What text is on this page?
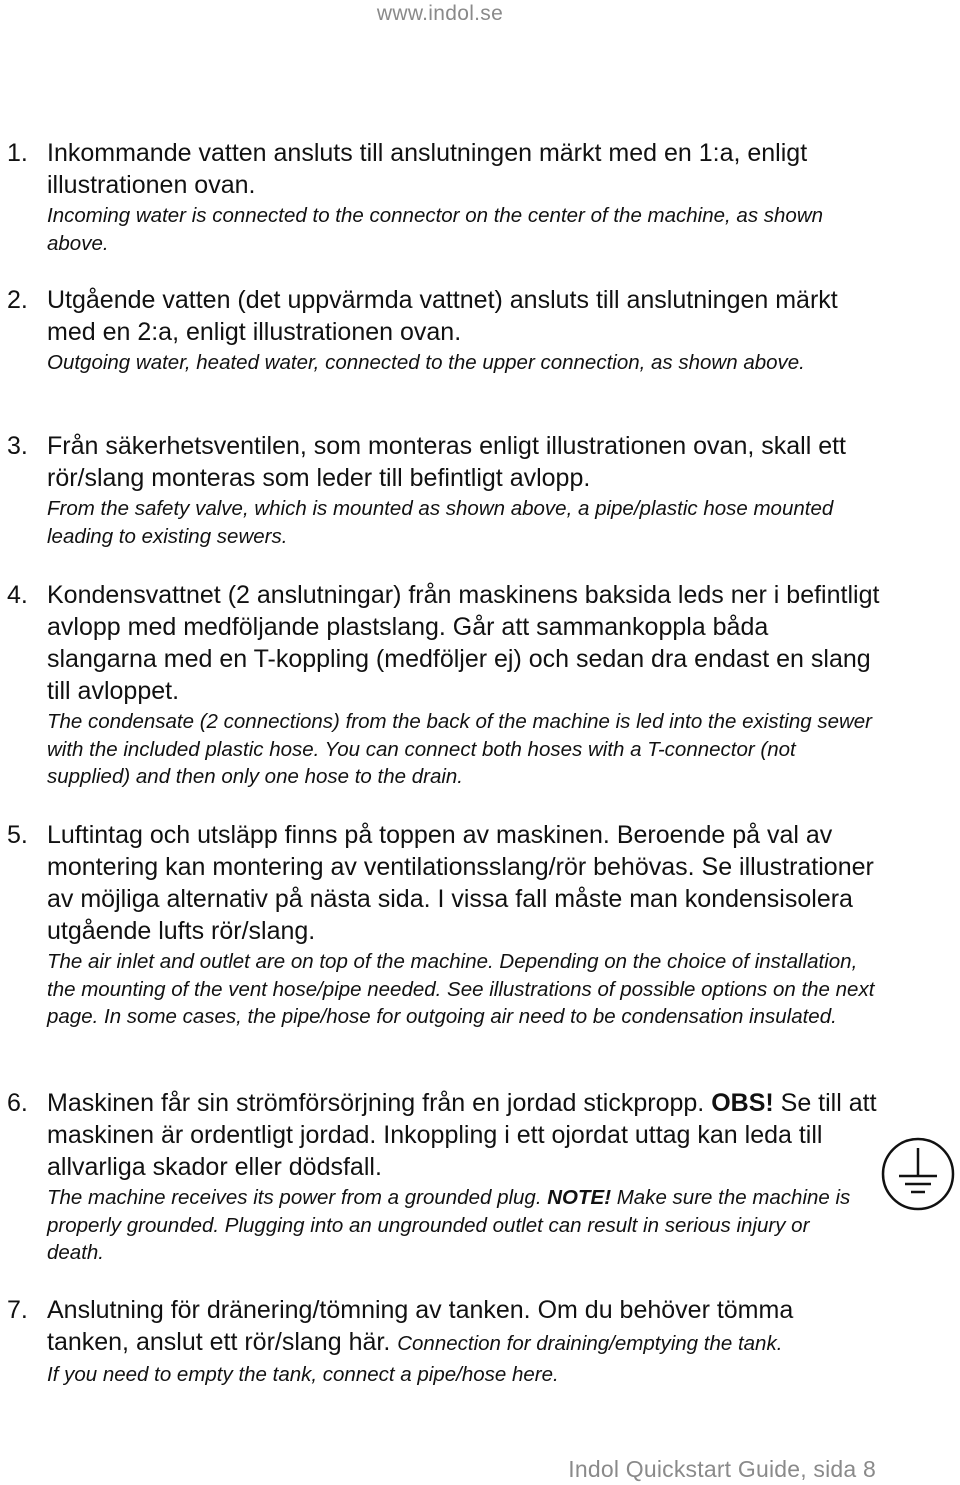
www.indol.se
1. Inkommande vatten ansluts till anslutningen märkt med en 1:a, enligt illustrationen ovan.
Incoming water is connected to the connector on the center of the machine, as shown above.
2. Utgående vatten (det uppvärmda vattnet) ansluts till anslutningen märkt med en 2:a, enligt illustrationen ovan.
Outgoing water, heated water, connected to the upper connection, as shown above.
3. Från säkerhetsventilen, som monteras enligt illustrationen ovan, skall ett rör/slang monteras som leder till befintligt avlopp.
From the safety valve, which is mounted as shown above, a pipe/plastic hose mounted leading to existing sewers.
4. Kondensvattnet (2 anslutningar) från maskinens baksida leds ner i befintligt avlopp med medföljande plastslang. Går att sammankoppla båda slangarna med en T-koppling (medföljer ej) och sedan dra endast en slang till avloppet.
The condensate (2 connections) from the back of the machine is led into the existing sewer with the included plastic hose. You can connect both hoses with a T-connector (not supplied) and then only one hose to the drain.
5. Luftintag och utsläpp finns på toppen av maskinen. Beroende på val av montering kan montering av ventilationsslang/rör behövas. Se illustrationer av möjliga alternativ på nästa sida. I vissa fall måste man kondensisolera utgående lufts rör/slang.
The air inlet and outlet are on top of the machine. Depending on the choice of installation, the mounting of the vent hose/pipe needed. See illustrations of possible options on the next page. In some cases, the pipe/hose for outgoing air need to be condensation insulated.
6. Maskinen får sin strömförsörjning från en jordad stickpropp. OBS! Se till att maskinen är ordentligt jordad. Inkoppling i ett ojordat uttag kan leda till allvarliga skador eller dödsfall.
The machine receives its power from a grounded plug. NOTE! Make sure the machine is properly grounded. Plugging into an ungrounded outlet can result in serious injury or death.
7. Anslutning för dränering/tömning av tanken. Om du behöver tömma tanken, anslut ett rör/slang här. Connection for draining/emptying the tank.
If you need to empty the tank, connect a pipe/hose here.
Indol Quickstart Guide, sida 8
